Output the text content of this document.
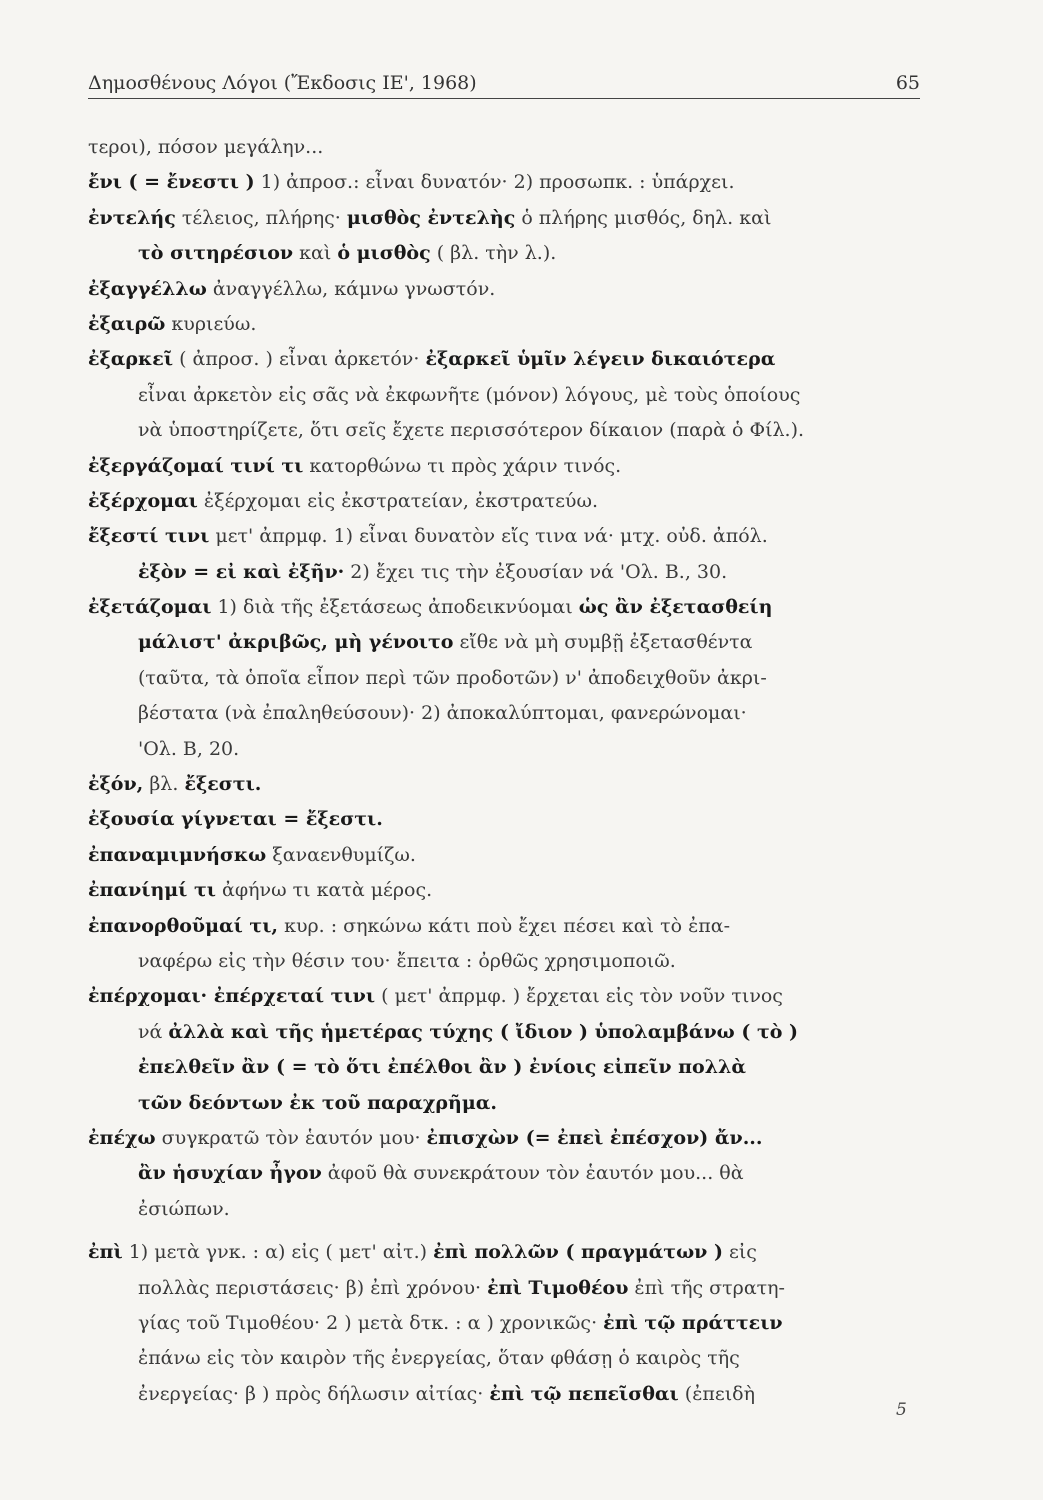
Δημοσθένους Λόγοι (Ἔκδοσις ΙΕ', 1968)	65
τεροι), πόσον μεγάλην...
ἔνι ( = ἔνεστι ) 1) ἀπροσ.: εἶναι δυνατόν· 2) προσωπκ. : ὑπάρχει.
ἐντελής τέλειος, πλήρης· μισθὸς ἐντελὴς ὁ πλήρης μισθός, δηλ. καὶ
τὸ σιτηρέσιον καὶ ὁ μισθὸς ( βλ. τὴν λ.).
ἐξαγγέλλω ἀναγγέλλω, κάμνω γνωστόν.
ἐξαιρῶ κυριεύω.
ἐξαρκεῖ ( ἀπροσ. ) εἶναι ἀρκετόν· ἐξαρκεῖ ὑμῖν λέγειν δικαιότερα
εἶναι ἀρκετὸν εἰς σᾶς νὰ ἐκφωνῆτε (μόνον) λόγους, μὲ τοὺς ὁποίους
νὰ ὑποστηρίζετε, ὅτι σεῖς ἔχετε περισσότερον δίκαιον (παρὰ ὁ Φίλ.).
ἐξεργάζομαί τινί τι κατορθώνω τι πρὸς χάριν τινός.
ἐξέρχομαι ἐξέρχομαι εἰς ἐκστρατείαν, ἐκστρατεύω.
ἔξεστί τινι μετ' ἀπρμφ. 1) εἶναι δυνατὸν εἴς τινα νά· μτχ. οὐδ. ἀπόλ.
ἐξὸν = εἰ καὶ ἐξῆν· 2) ἔχει τις τὴν ἐξουσίαν νά 'Ολ. Β., 30.
ἐξετάζομαι 1) διὰ τῆς ἐξετάσεως ἀποδεικνύομαι ὡς ἂν ἐξετασθείη
μάλιστ' ἀκριβῶς, μὴ γένοιτο εἴθε νὰ μὴ συμβῇ ἐξετασθέντα
(ταῦτα, τὰ ὁποῖα εἶπον περὶ τῶν προδοτῶν) ν' ἀποδειχθοῦν ἀκρι-
βέστατα (νὰ ἐπαληθεύσουν)· 2) ἀποκαλύπτομαι, φανερώνομαι·
'Ολ. Β, 20.
ἐξόν, βλ. ἔξεστι.
ἐξουσία γίγνεται = ἔξεστι.
ἐπαναμιμνήσκω ξαναενθυμίζω.
ἐπανίημί τι ἀφήνω τι κατὰ μέρος.
ἐπανορθοῦμαί τι, κυρ. : σηκώνω κάτι ποὺ ἔχει πέσει καὶ τὸ ἐπα-
ναφέρω εἰς τὴν θέσιν του· ἔπειτα : ὀρθῶς χρησιμοποιῶ.
ἐπέρχομαι· ἐπέρχεταί τινι ( μετ' ἀπρμφ. ) ἔρχεται εἰς τὸν νοῦν τινος
νά ἀλλὰ καὶ τῆς ἡμετέρας τύχης ( ἴδιον ) ὑπολαμβάνω ( τὸ )
ἐπελθεῖν ἂν ( = τὸ ὅτι ἐπέλθοι ἂν ) ἐνίοις εἰπεῖν πολλὰ
τῶν δεόντων ἐκ τοῦ παραχρῆμα.
ἐπέχω συγκρατῶ τὸν ἑαυτόν μου· ἐπισχὼν (= ἐπεὶ ἐπέσχον) ἄν...
ἂν ἡσυχίαν ἦγον ἀφοῦ θὰ συνεκράτουν τὸν ἑαυτόν μου... θὰ
ἐσιώπων.
ἐπὶ 1) μετὰ γνκ. : α) εἰς ( μετ' αἰτ.) ἐπὶ πολλῶν ( πραγμάτων ) εἰς
πολλὰς περιστάσεις· β) ἐπὶ χρόνου· ἐπὶ Τιμοθέου ἐπὶ τῆς στρατη-
γίας τοῦ Τιμοθέου· 2 ) μετὰ δτκ. : α ) χρονικῶς· ἐπὶ τῷ πράττειν
ἐπάνω εἰς τὸν καιρὸν τῆς ἐνεργείας, ὅταν φθάσῃ ὁ καιρὸς τῆς
ἐνεργείας· β ) πρὸς δήλωσιν αἰτίας· ἐπὶ τῷ πεπεῖσθαι (ἐπειδὴ
5
